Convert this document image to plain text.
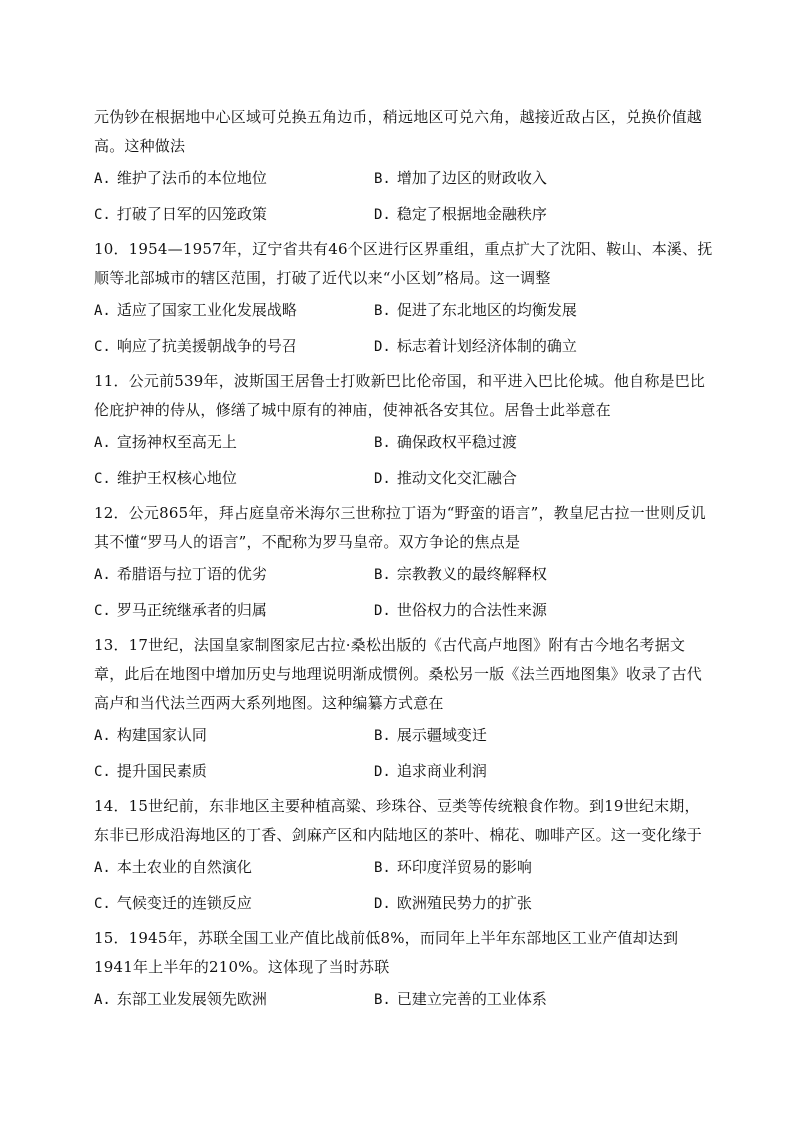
元伪钞在根据地中心区域可兑换五角边币，稍远地区可兑六角，越接近敌占区，兑换价值越高。这种做法

A. 维护了法币的本位地位	B. 增加了边区的财政收入
C. 打破了日军的囚笼政策	D. 稳定了根据地金融秩序

10．1954—1957年，辽宁省共有46个区进行区界重组，重点扩大了沈阳、鞍山、本溪、抚顺等北部城市的辖区范围，打破了近代以来“小区划”格局。这一调整

A. 适应了国家工业化发展战略	B. 促进了东北地区的均衡发展
C. 响应了抗美援朝战争的号召	D. 标志着计划经济体制的确立

11．公元前539年，波斯国王居鲁士打败新巴比伦帝国，和平进入巴比伦城。他自称是巴比伦庇护神的侍从，修缮了城中原有的神庙，使神祇各安其位。居鲁士此举意在

A. 宣扬神权至高无上	B. 确保政权平稳过渡
C. 维护王权核心地位	D. 推动文化交汇融合

12．公元865年，拜占庭皇帝米海尔三世称拉丁语为“野蛮的语言”，教皇尼古拉一世则反讥其不懂“罗马人的语言”，不配称为罗马皇帝。双方争论的焦点是

A. 希腊语与拉丁语的优劣	B. 宗教教义的最终解释权
C. 罗马正统继承者的归属	D. 世俗权力的合法性来源

13．17世纪，法国皇家制图家尼古拉·桑松出版的《古代高卢地图》附有古今地名考据文章，此后在地图中增加历史与地理说明渐成惯例。桑松另一版《法兰西地图集》收录了古代高卢和当代法兰西两大系列地图。这种编纂方式意在

A. 构建国家认同	B. 展示疆域变迁
C. 提升国民素质	D. 追求商业利润

14．15世纪前，东非地区主要种植高粱、珍珠谷、豆类等传统粮食作物。到19世纪末期，东非已形成沿海地区的丁香、剑麻产区和内陆地区的茶叶、棉花、咖啡产区。这一变化缘于

A. 本土农业的自然演化	B. 环印度洋贸易的影响
C. 气候变迁的连锁反应	D. 欧洲殖民势力的扩张

15．1945年，苏联全国工业产值比战前低8%，而同年上半年东部地区工业产值却达到1941年上半年的210%。这体现了当时苏联

A. 东部工业发展领先欧洲	B. 已建立完善的工业体系
